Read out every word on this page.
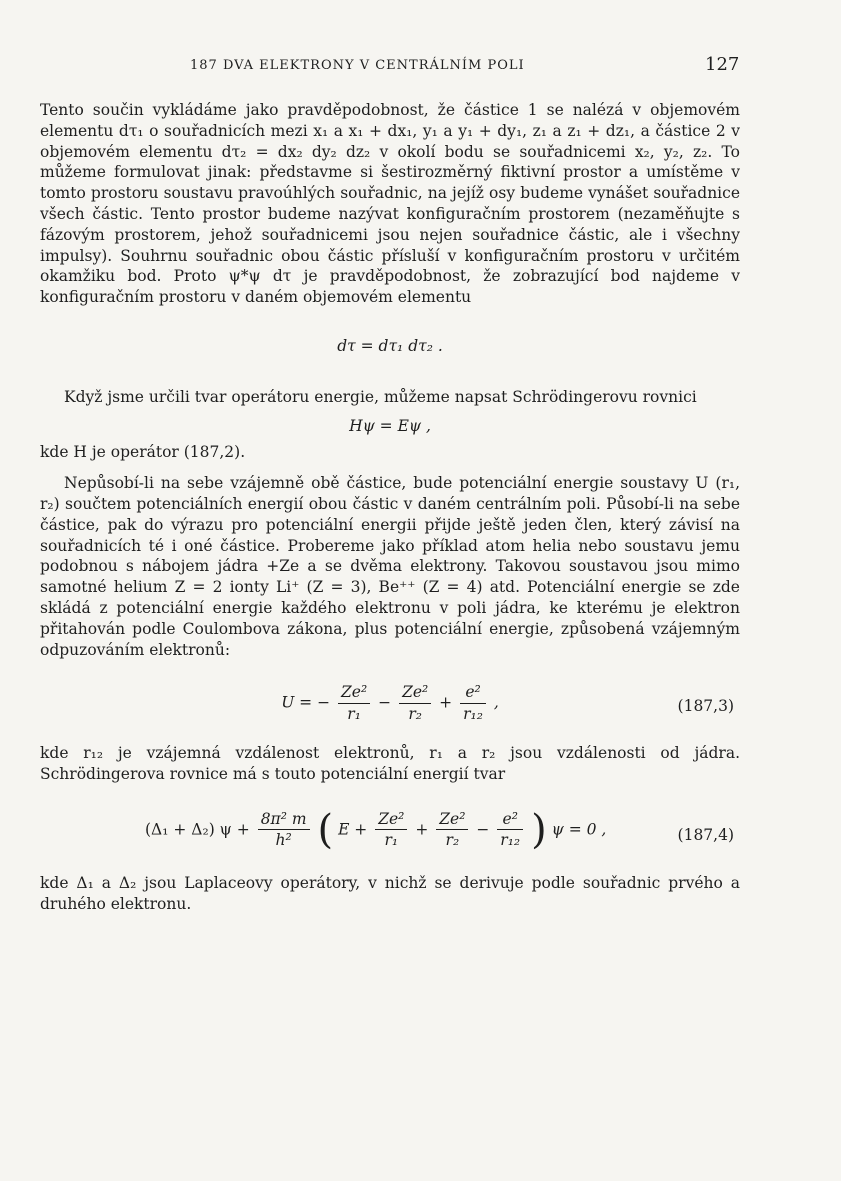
187 DVA ELEKTRONY V CENTRÁLNÍM POLI	127

Tento součin vykládáme jako pravděpodobnost, že částice 1 se nalézá v objemovém elementu dτ₁ o souřadnicích mezi x₁ a x₁ + dx₁, y₁ a y₁ + dy₁, z₁ a z₁ + dz₁, a částice 2 v objemovém elementu dτ₂ = dx₂ dy₂ dz₂ v okolí bodu se souřadnicemi x₂, y₂, z₂. To můžeme formulovat jinak: představme si šestirozměrný fiktivní prostor a umístěme v tomto prostoru soustavu pravoúhlých souřadnic, na jejíž osy budeme vynášet souřadnice všech částic. Tento prostor budeme nazývat konfiguračním prostorem (nezaměňujte s fázovým prostorem, jehož souřadnicemi jsou nejen souřadnice částic, ale i všechny impulsy). Souhrnu souřadnic obou částic přísluší v konfiguračním prostoru v určitém okamžiku bod. Proto ψ*ψ dτ je pravděpodobnost, že zobrazující bod najdeme v konfiguračním prostoru v daném objemovém elementu

dτ = dτ₁ dτ₂ .

Když jsme určili tvar operátoru energie, můžeme napsat Schrödingerovu rovnici

Hψ = Eψ ,

kde H je operátor (187,2).

Nepůsobí-li na sebe vzájemně obě částice, bude potenciální energie soustavy U (r₁, r₂) součtem potenciálních energií obou částic v daném centrálním poli. Působí-li na sebe částice, pak do výrazu pro potenciální energii přijde ještě jeden člen, který závisí na souřadnicích té i oné částice. Probereme jako příklad atom helia nebo soustavu jemu podobnou s nábojem jádra +Ze a se dvěma elektrony. Takovou soustavou jsou mimo samotné helium Z = 2 ionty Li⁺ (Z = 3), Be⁺⁺ (Z = 4) atd. Potenciální energie se zde skládá z potenciální energie každého elektronu v poli jádra, ke kterému je elektron přitahován podle Coulombova zákona, plus potenciální energie, způsobená vzájemným odpuzováním elektronů:

U = − $\frac{\text{Ze²}}{\text{r₁}} - \frac{\text{Ze²}}{\text{r₂}} + \frac{\text{e²}}{\text{r₁₂}}$ ,	(187,3)

kde r₁₂ je vzájemná vzdálenost elektronů, r₁ a r₂ jsou vzdálenosti od jádra. Schrödingerova rovnice má s touto potenciální energií tvar

(Δ₁ + Δ₂) $\psi + \frac{\text{8π² m}}{\text{h²}}$ ( $E + \frac{\text{Ze²}}{\text{r₁}} + \frac{\text{Ze²}}{\text{r₂}} - \frac{\text{e²}}{\text{r₁₂}}$ ) ψ = 0 ,	(187,4)

kde Δ₁ a Δ₂ jsou Laplaceovy operátory, v nichž se derivuje podle souřadnic prvého a druhého elektronu.
